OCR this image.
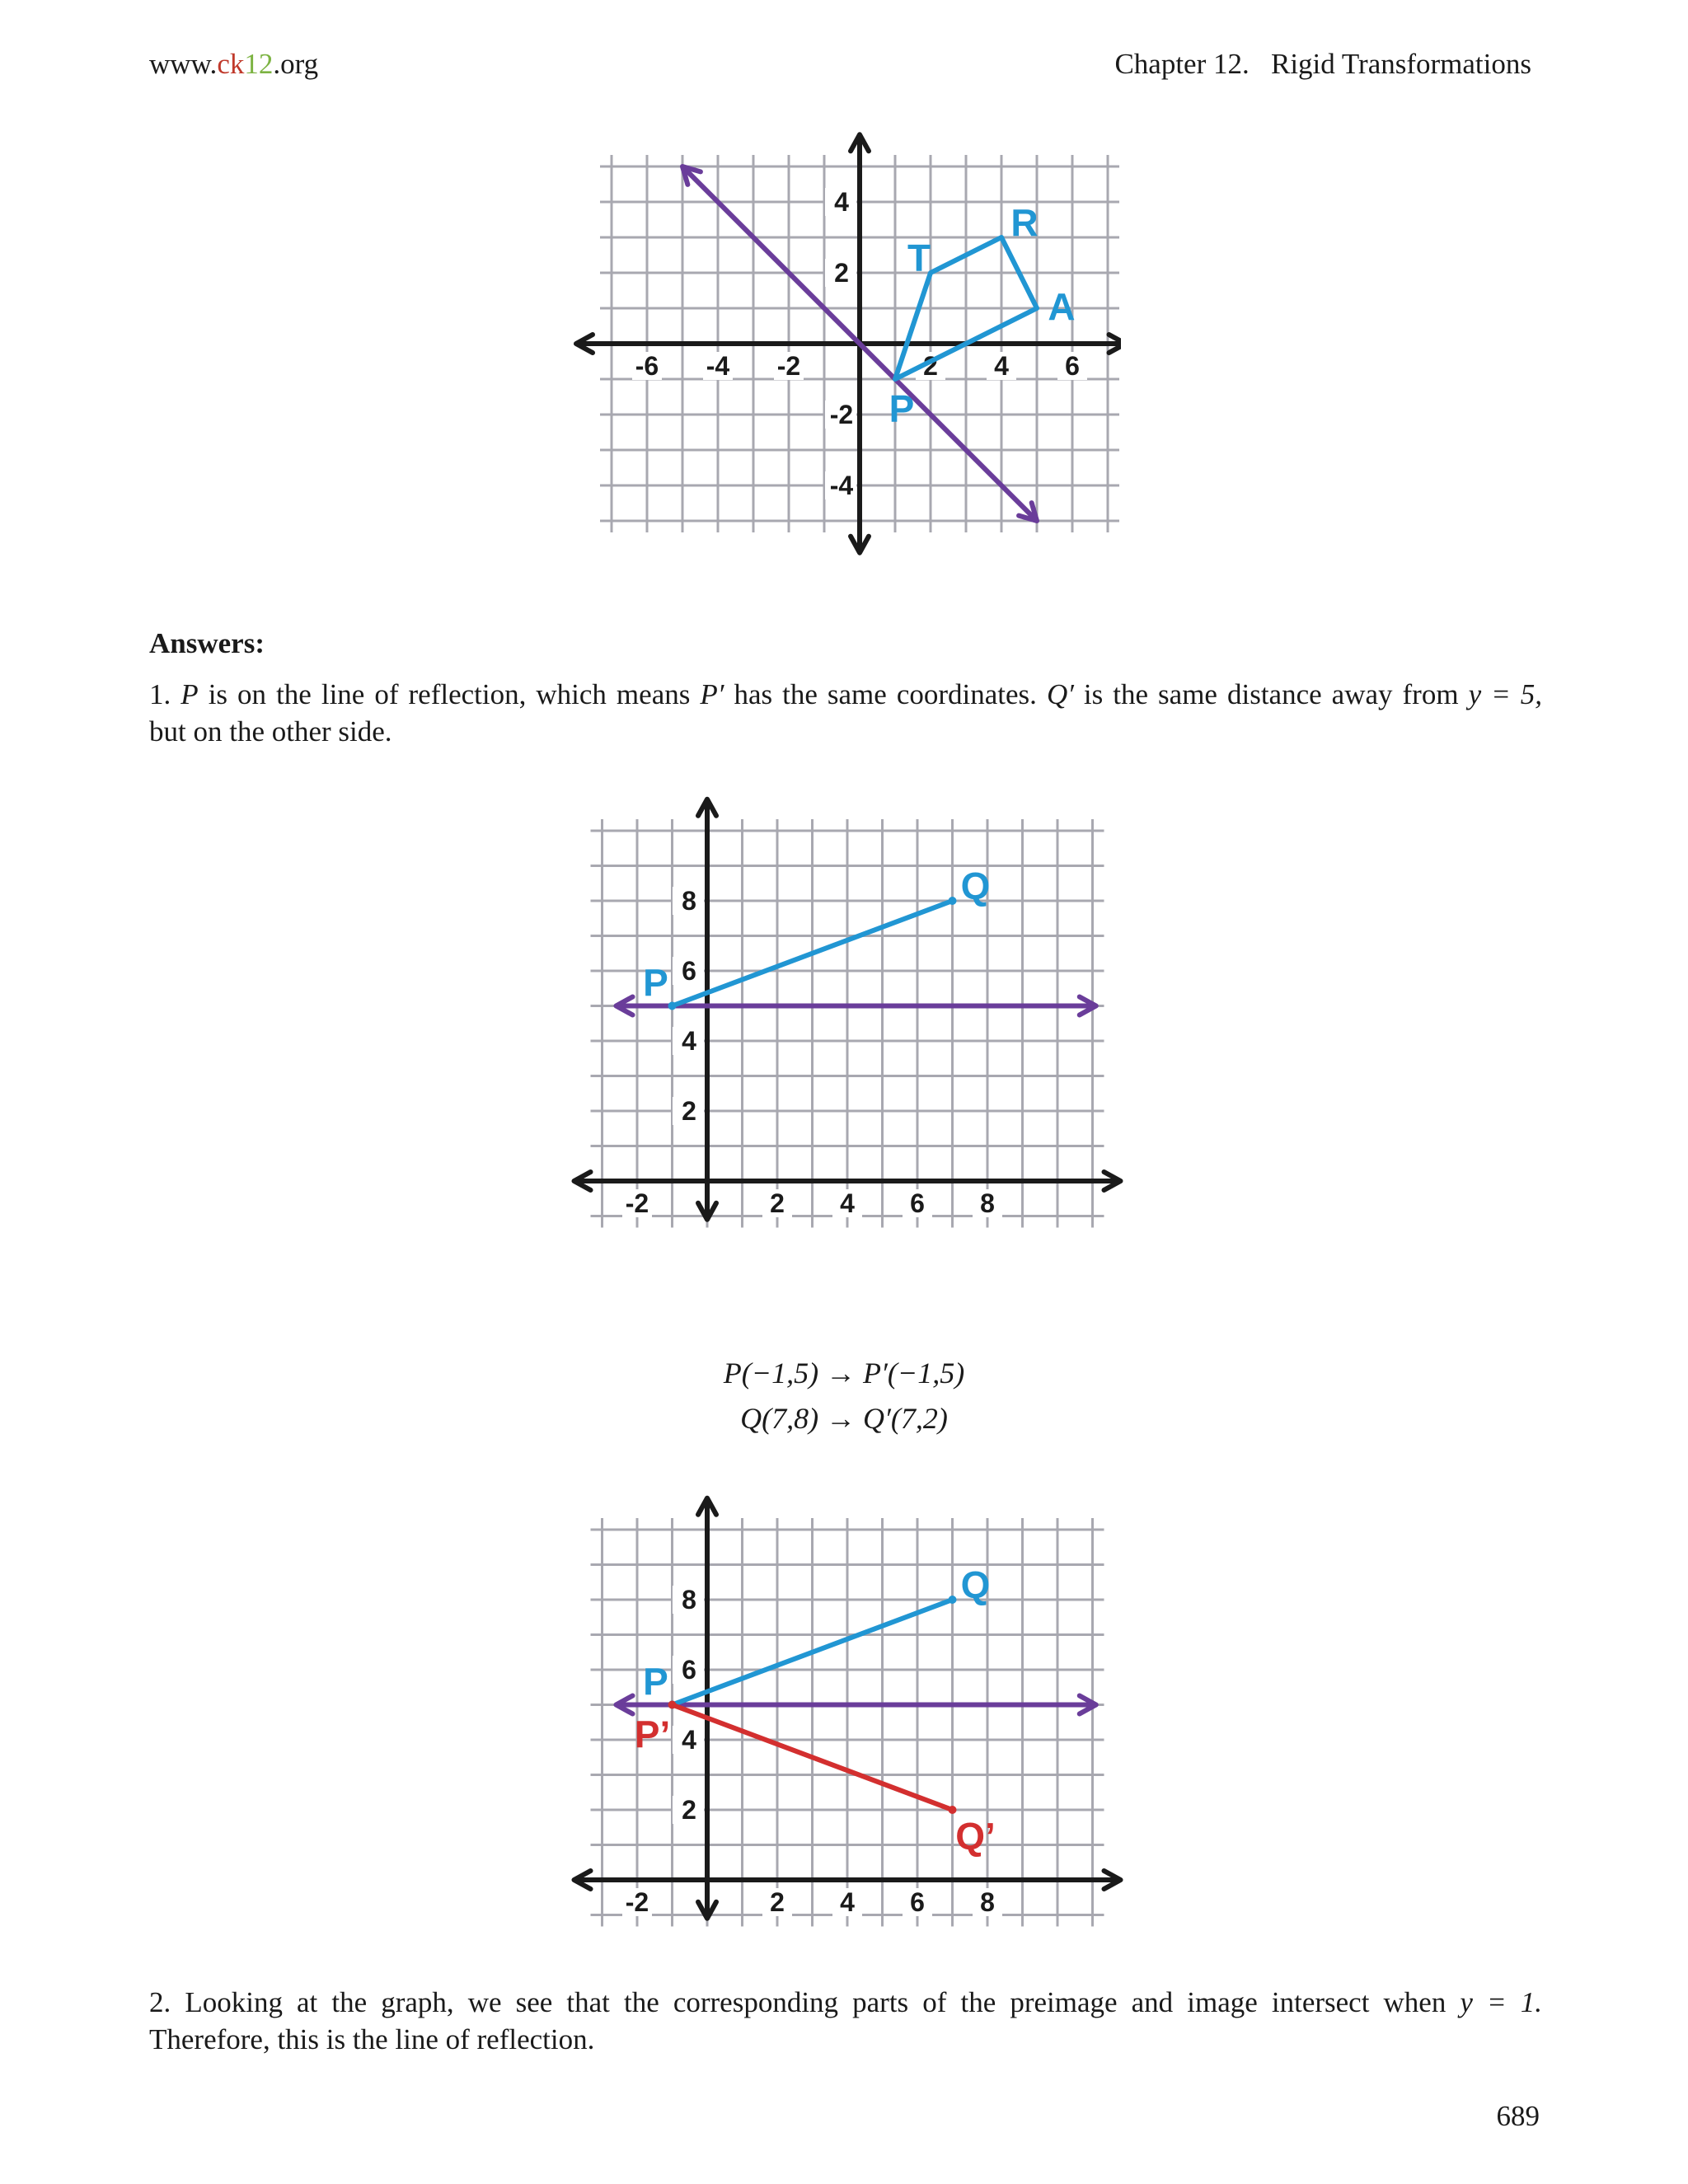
www.ck12.org	Chapter 12.   Rigid Transformations
-6 -4 -2	2 4 6
4
2
-2
-4
P
T
R
A
Answers:
1. P is on the line of reflection, which means P′ has the same coordinates. Q′ is the same distance away from y = 5,
but on the other side.
-2	2 4 6 8
8
6
4
2
P
Q
P(−1,5) → P′(−1,5)
Q(7,8) → Q′(7,2)
-2	2 4 6 8
8
6
4
2
P
Q
P’
Q’
2. Looking at the graph, we see that the corresponding parts of the preimage and image intersect when y = 1.
Therefore, this is the line of reflection.
689
